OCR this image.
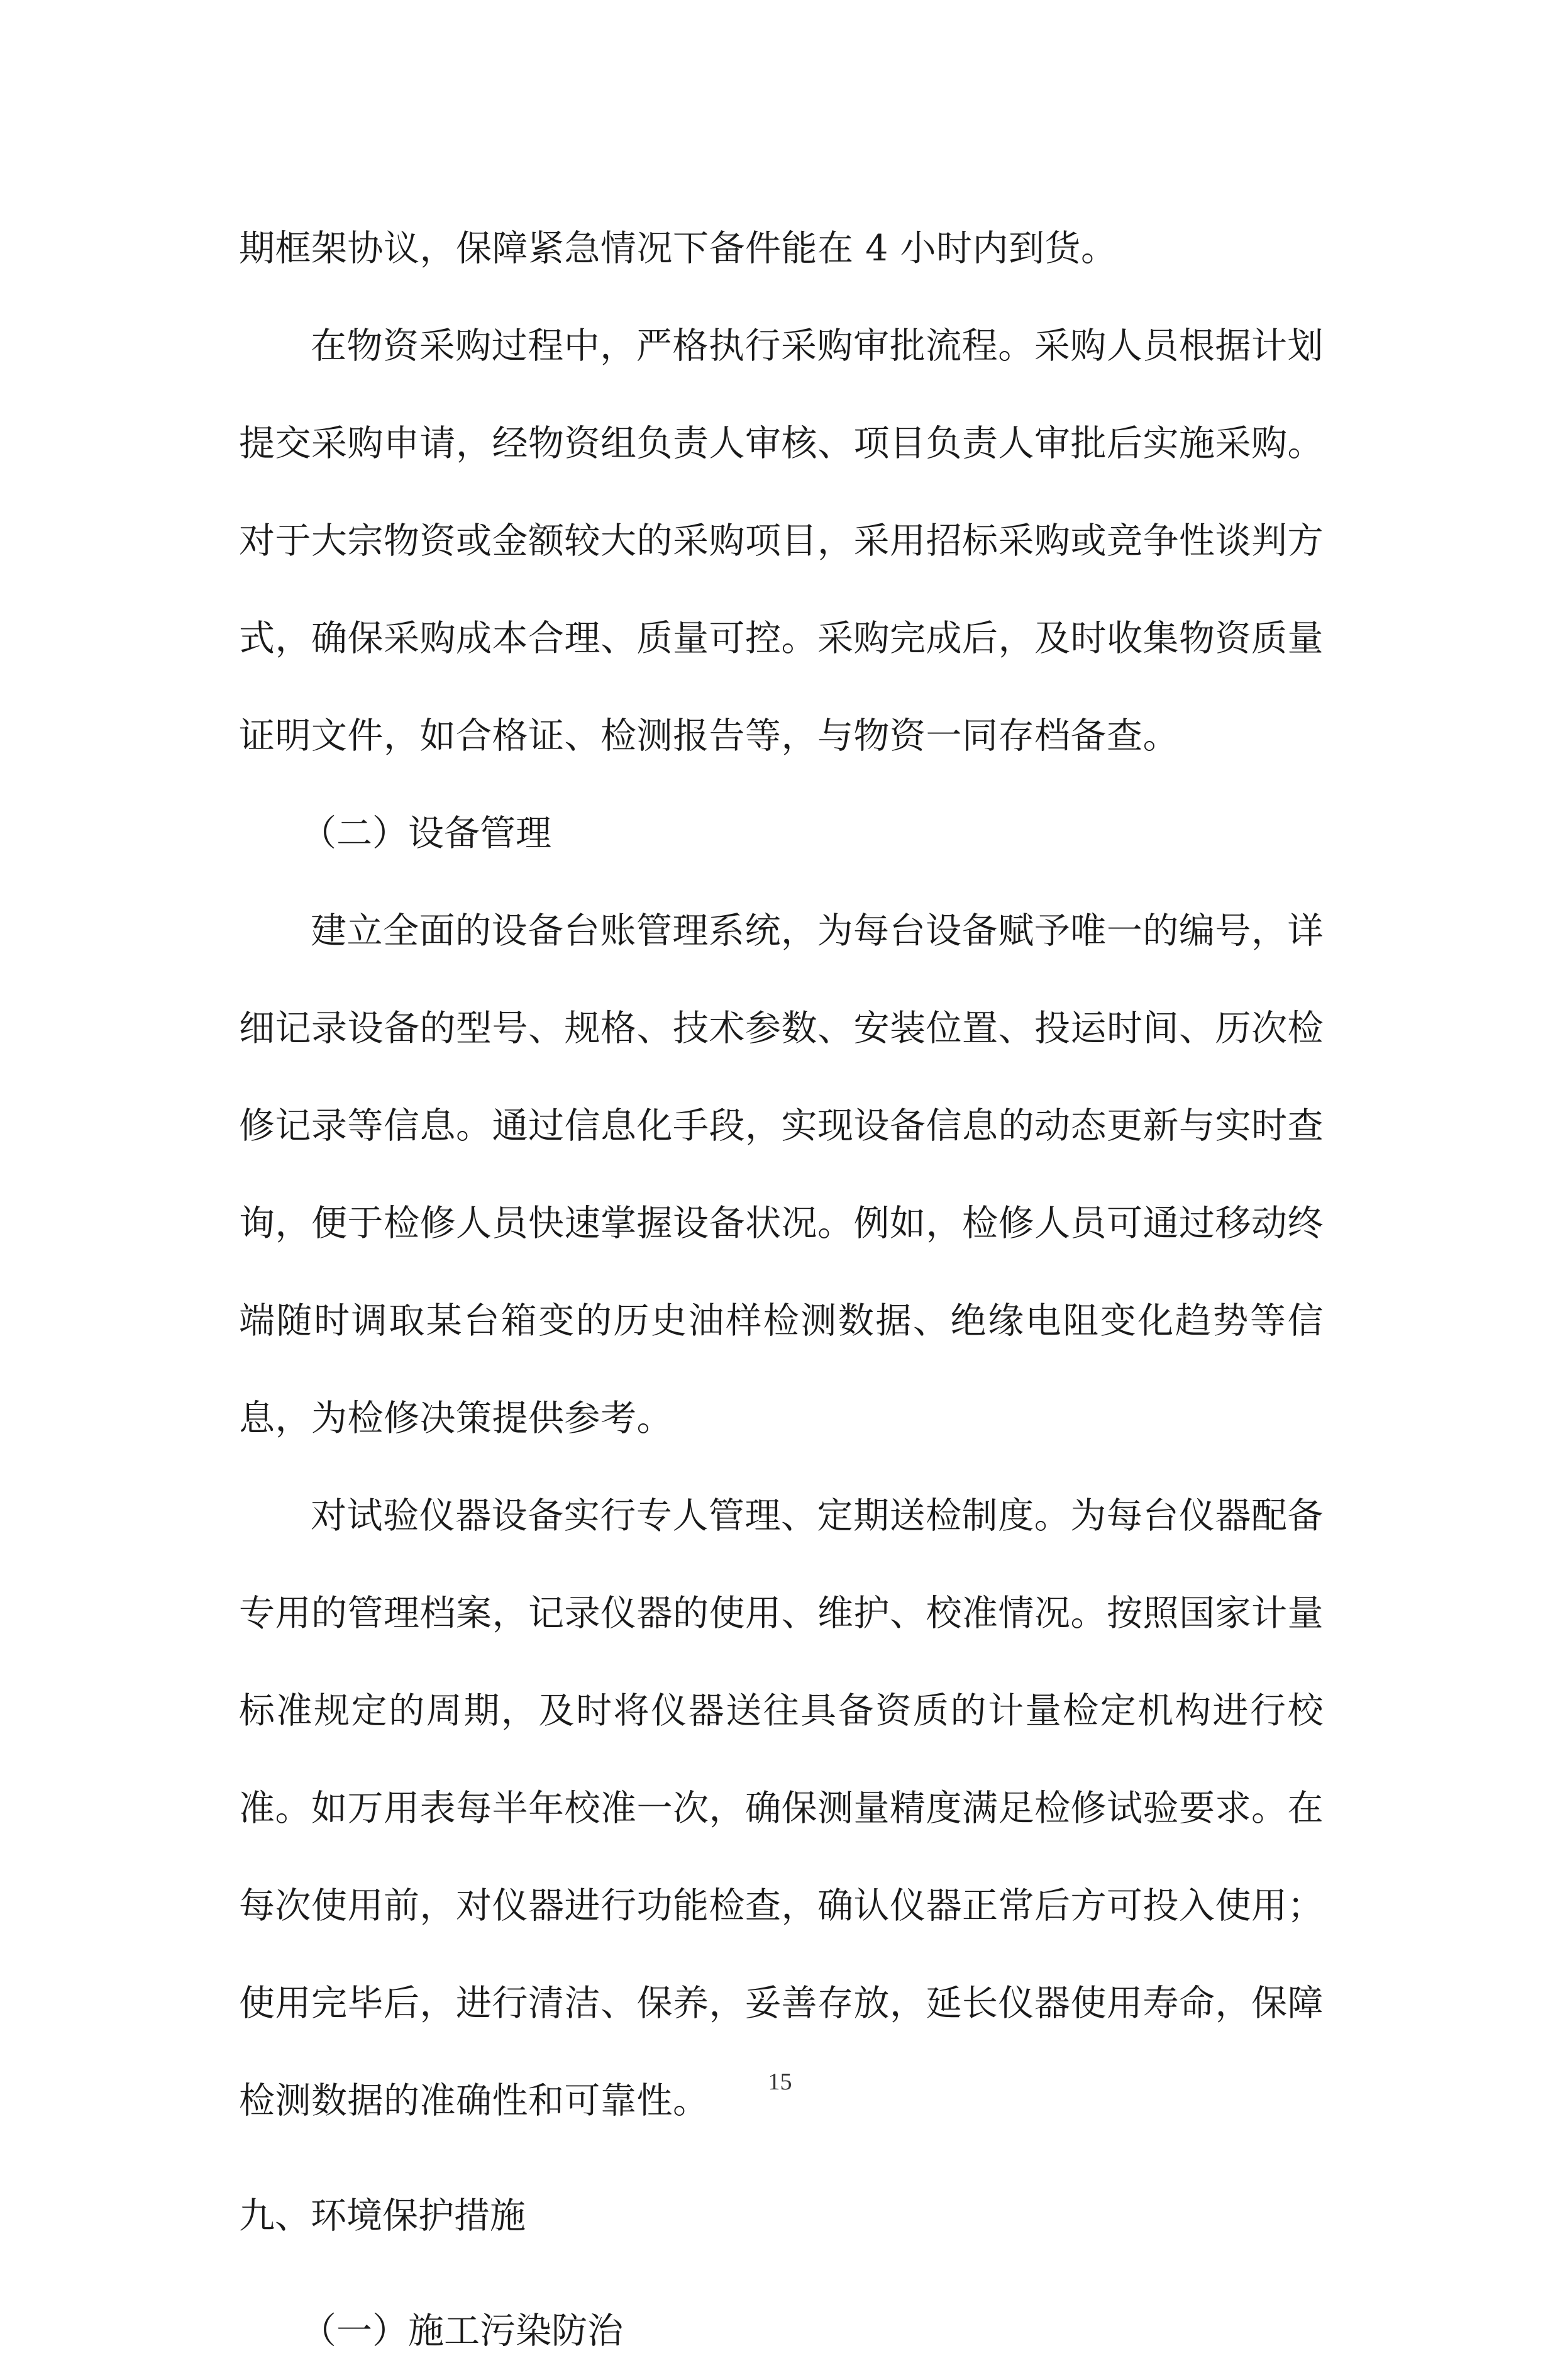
期框架协议，保障紧急情况下备件能在 4 小时内到货。

在物资采购过程中，严格执行采购审批流程。采购人员根据计划提交采购申请，经物资组负责人审核、项目负责人审批后实施采购。对于大宗物资或金额较大的采购项目，采用招标采购或竞争性谈判方式，确保采购成本合理、质量可控。采购完成后，及时收集物资质量证明文件，如合格证、检测报告等，与物资一同存档备查。

（二）设备管理

建立全面的设备台账管理系统，为每台设备赋予唯一的编号，详细记录设备的型号、规格、技术参数、安装位置、投运时间、历次检修记录等信息。通过信息化手段，实现设备信息的动态更新与实时查询，便于检修人员快速掌握设备状况。例如，检修人员可通过移动终端随时调取某台箱变的历史油样检测数据、绝缘电阻变化趋势等信息，为检修决策提供参考。

对试验仪器设备实行专人管理、定期送检制度。为每台仪器配备专用的管理档案，记录仪器的使用、维护、校准情况。按照国家计量标准规定的周期，及时将仪器送往具备资质的计量检定机构进行校准。如万用表每半年校准一次，确保测量精度满足检修试验要求。在每次使用前，对仪器进行功能检查，确认仪器正常后方可投入使用；使用完毕后，进行清洁、保养，妥善存放，延长仪器使用寿命，保障检测数据的准确性和可靠性。

九、环境保护措施

（一）施工污染防治

15
